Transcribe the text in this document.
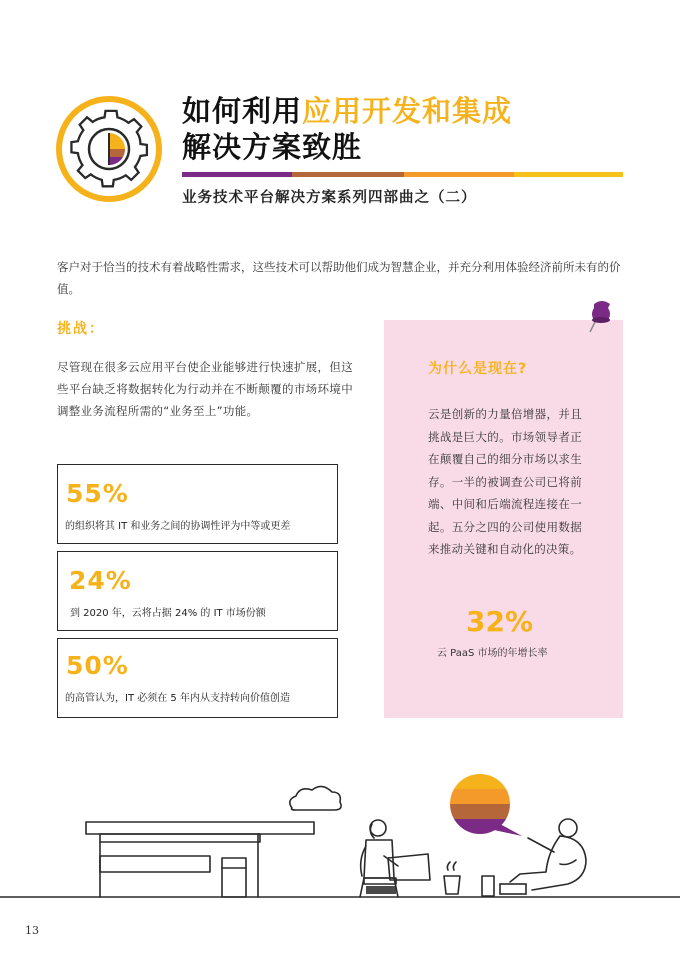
如何利用应用开发和集成
解决方案致胜
业务技术平台解决方案系列四部曲之（二）
客户对于恰当的技术有着战略性需求，这些技术可以帮助他们成为智慧企业，并充分利用体验经济前所未有的价值。
挑战：
尽管现在很多云应用平台使企业能够进行快速扩展，但这些平台缺乏将数据转化为行动并在不断颠覆的市场环境中调整业务流程所需的“业务至上”功能。
55%
的组织将其 IT 和业务之间的协调性评为中等或更差
24%
到 2020 年，云将占据 24% 的 IT 市场份额
50%
的高管认为，IT 必须在 5 年内从支持转向价值创造
为什么是现在?
云是创新的力量倍增器，并且挑战是巨大的。市场领导者正在颠覆自己的细分市场以求生存。一半的被调查公司已将前端、中间和后端流程连接在一起。五分之四的公司使用数据来推动关键和自动化的决策。
32%
云 PaaS 市场的年增长率
13
